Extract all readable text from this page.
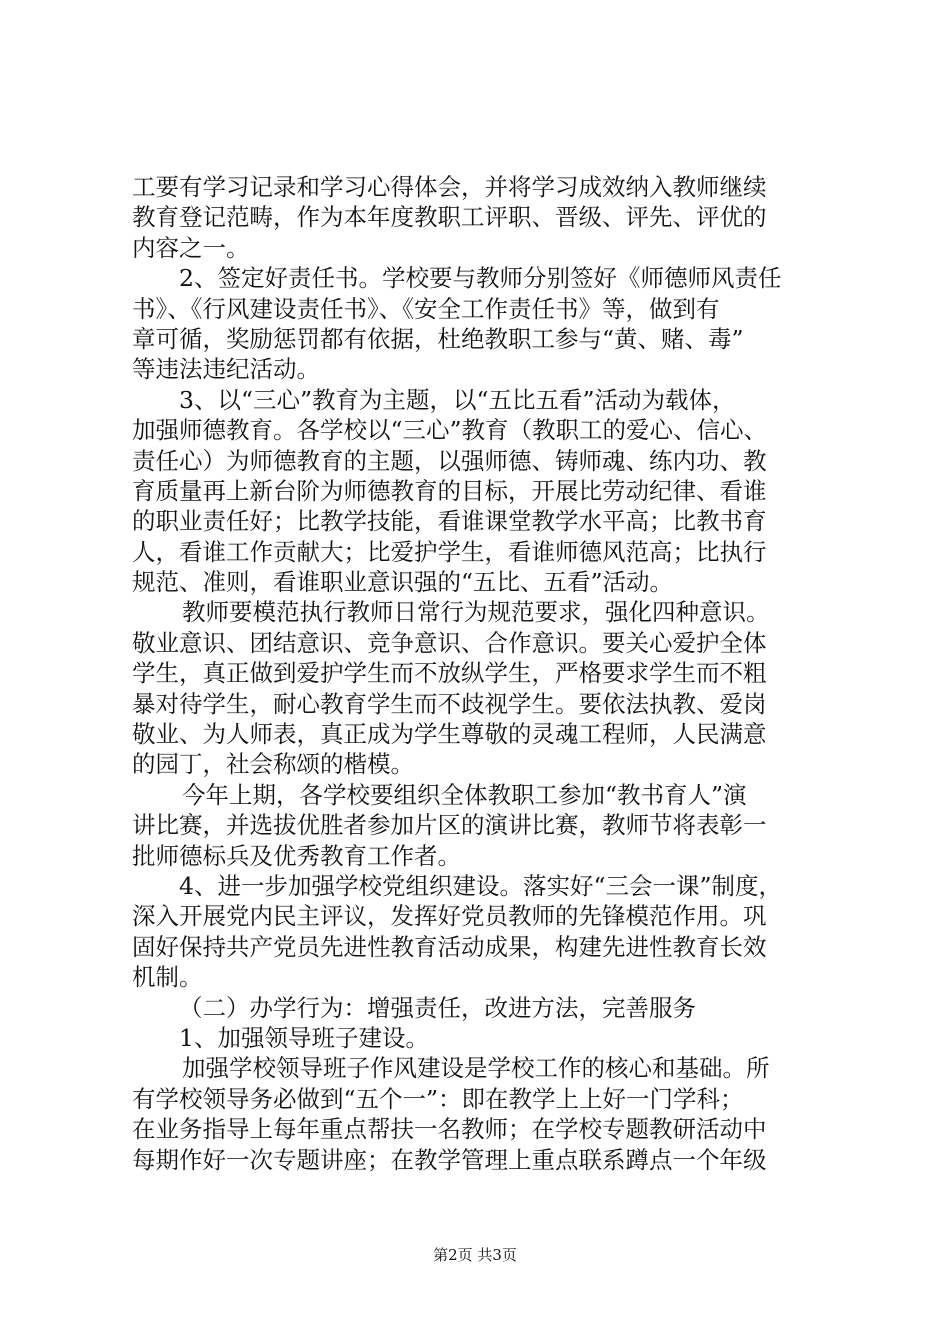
工要有学习记录和学习心得体会，并将学习成效纳入教师继续
教育登记范畴，作为本年度教职工评职、晋级、评先、评优的
内容之一。
2、签定好责任书。学校要与教师分别签好《师德师风责任
书》、《行风建设责任书》、《安全工作责任书》等，做到有
章可循，奖励惩罚都有依据，杜绝教职工参与“黄、赌、毒”
等违法违纪活动。
3、以“三心”教育为主题，以“五比五看”活动为载体，
加强师德教育。各学校以“三心”教育（教职工的爱心、信心、
责任心）为师德教育的主题，以强师德、铸师魂、练内功、教
育质量再上新台阶为师德教育的目标，开展比劳动纪律、看谁
的职业责任好；比教学技能，看谁课堂教学水平高；比教书育
人，看谁工作贡献大；比爱护学生，看谁师德风范高；比执行
规范、准则，看谁职业意识强的“五比、五看”活动。
教师要模范执行教师日常行为规范要求，强化四种意识。
敬业意识、团结意识、竞争意识、合作意识。要关心爱护全体
学生，真正做到爱护学生而不放纵学生，严格要求学生而不粗
暴对待学生，耐心教育学生而不歧视学生。要依法执教、爱岗
敬业、为人师表，真正成为学生尊敬的灵魂工程师，人民满意
的园丁，社会称颂的楷模。
今年上期，各学校要组织全体教职工参加“教书育人”演
讲比赛，并选拔优胜者参加片区的演讲比赛，教师节将表彰一
批师德标兵及优秀教育工作者。
4、进一步加强学校党组织建设。落实好“三会一课”制度，
深入开展党内民主评议，发挥好党员教师的先锋模范作用。巩
固好保持共产党员先进性教育活动成果，构建先进性教育长效
机制。
（二）办学行为：增强责任，改进方法，完善服务
1、加强领导班子建设。
加强学校领导班子作风建设是学校工作的核心和基础。所
有学校领导务必做到“五个一”：即在教学上上好一门学科；
在业务指导上每年重点帮扶一名教师；在学校专题教研活动中
每期作好一次专题讲座；在教学管理上重点联系蹲点一个年级
第2页 共3页
